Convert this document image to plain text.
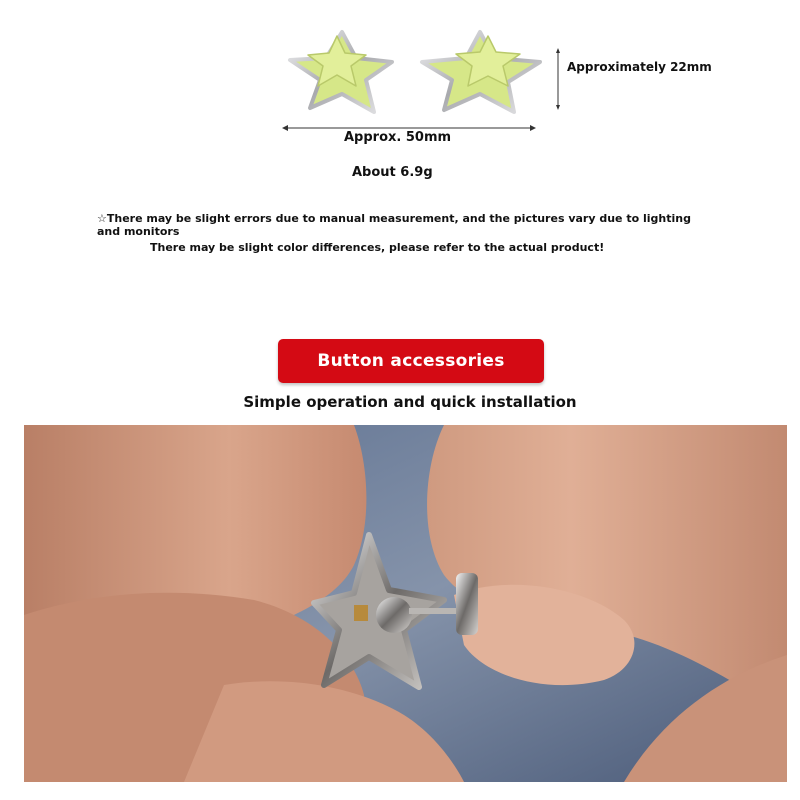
Approximately 22mm
Approx. 50mm
About 6.9g
☆There may be slight errors due to manual measurement, and the pictures vary due to lighting and monitors
There may be slight color differences, please refer to the actual product!
Button accessories
Simple operation and quick installation
